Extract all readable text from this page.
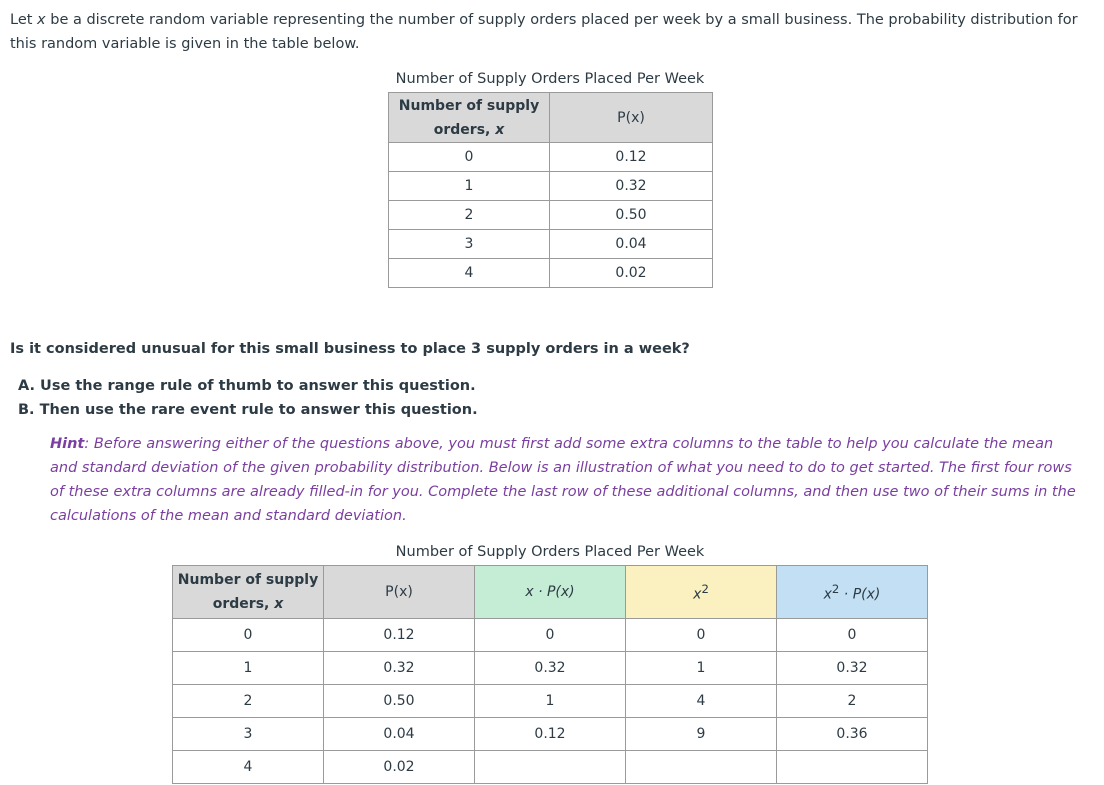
Let x be a discrete random variable representing the number of supply orders placed per week by a small business. The probability distribution for this random variable is given in the table below.

Number of Supply Orders Placed Per Week

Number of supply
orders, x	P(x)
0	0.12
1	0.32
2	0.50
3	0.04
4	0.02

Is it considered unusual for this small business to place 3 supply orders in a week?

A. Use the range rule of thumb to answer this question.
B. Then use the rare event rule to answer this question.

Hint: Before answering either of the questions above, you must first add some extra columns to the table to help you calculate the mean and standard deviation of the given probability distribution. Below is an illustration of what you need to do to get started. The first four rows of these extra columns are already filled-in for you. Complete the last row of these additional columns, and then use two of their sums in the calculations of the mean and standard deviation.

Number of Supply Orders Placed Per Week

Number of supply
orders, x	P(x)	x · P(x)	$x^2$	$x^2 \cdot P(x)$
0	0.12	0	0	0
1	0.32	0.32	1	0.32
2	0.50	1	4	2
3	0.04	0.12	9	0.36
4	0.02			
